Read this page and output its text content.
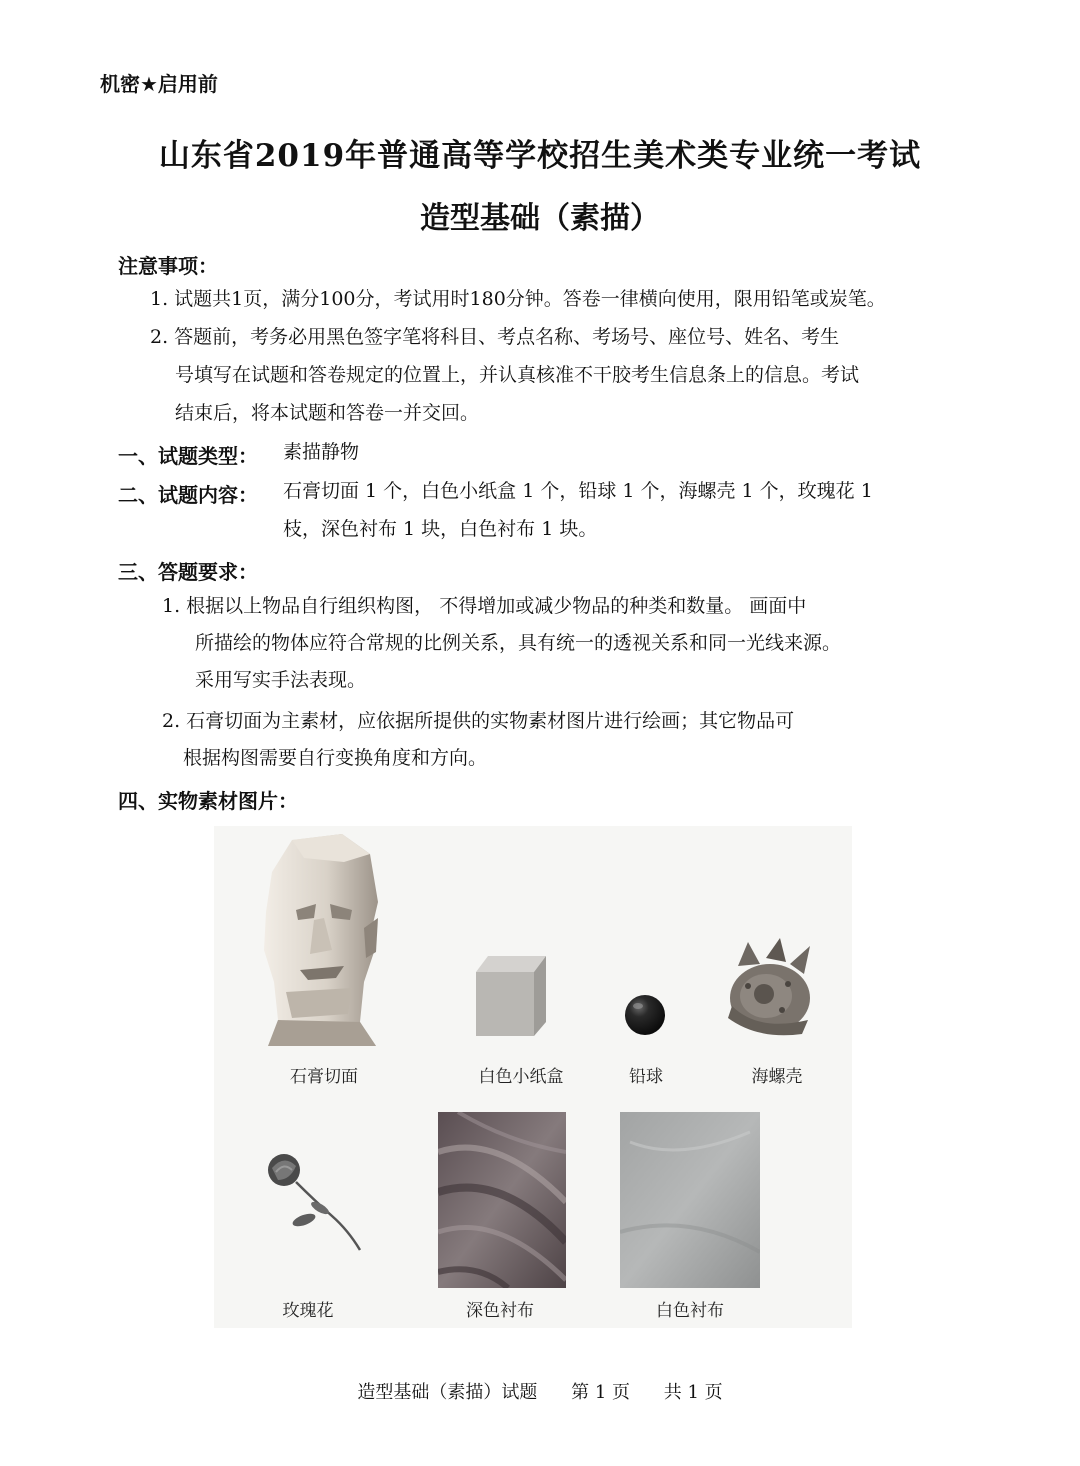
机密★启用前
山东省2019年普通高等学校招生美术类专业统一考试
造型基础（素描）
注意事项：
1. 试题共1页，满分100分，考试用时180分钟。答卷一律横向使用，限用铅笔或炭笔。
2. 答题前，考务必用黑色签字笔将科目、考点名称、考场号、座位号、姓名、考生
号填写在试题和答卷规定的位置上，并认真核准不干胶考生信息条上的信息。考试
结束后，将本试题和答卷一并交回。
一、试题类型： 素描静物
二、试题内容： 石膏切面 1 个，白色小纸盒 1 个，铅球 1 个，海螺壳 1 个，玫瑰花 1
枝，深色衬布 1 块，白色衬布 1 块。
三、答题要求：
1. 根据以上物品自行组织构图， 不得增加或减少物品的种类和数量。 画面中
所描绘的物体应符合常规的比例关系，具有统一的透视关系和同一光线来源。
采用写实手法表现。
2. 石膏切面为主素材，应依据所提供的实物素材图片进行绘画；其它物品可
根据构图需要自行变换角度和方向。
四、实物素材图片：
石膏切面	白色小纸盒	铅球	海螺壳
玫瑰花	深色衬布	白色衬布
造型基础（素描）试题 第 1 页 共 1 页
